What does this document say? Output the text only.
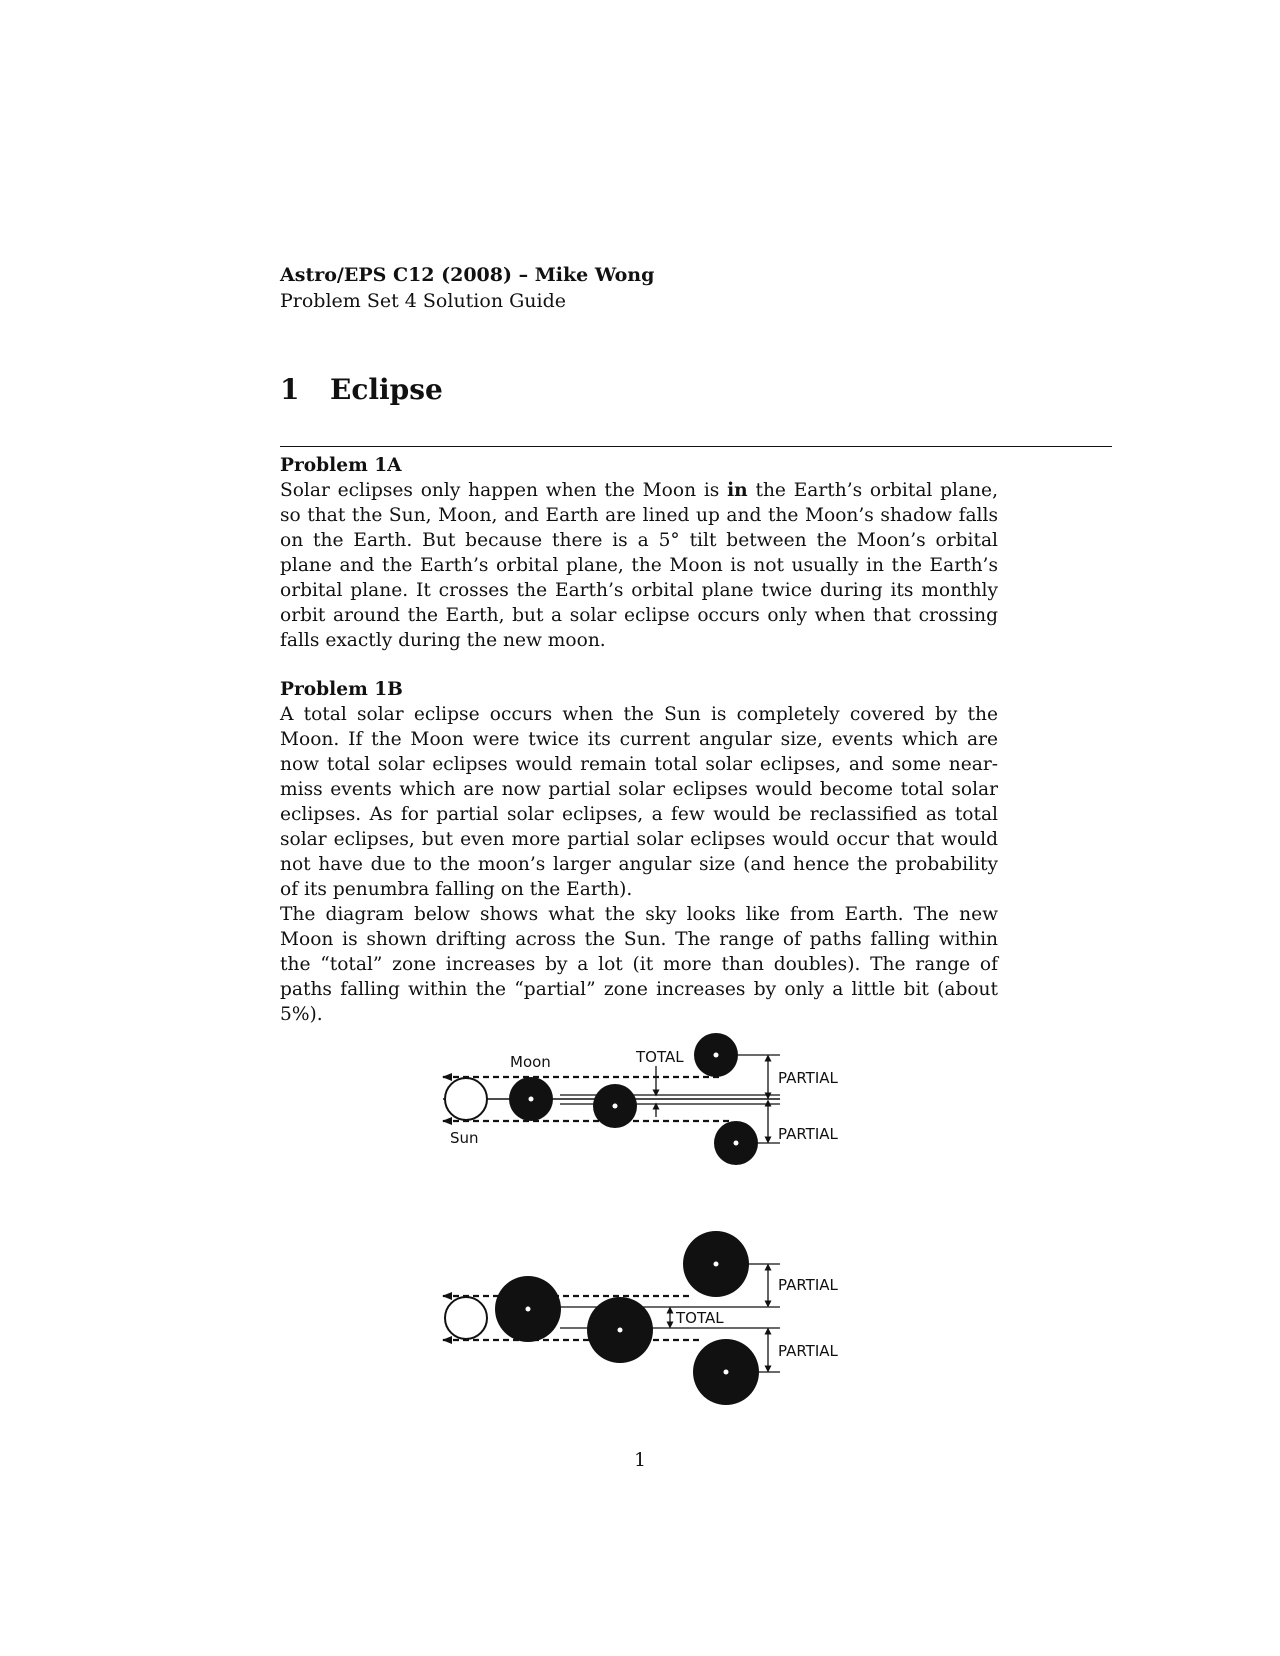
Astro/EPS C12 (2008) – Mike Wong

Problem Set 4 Solution Guide

1 Eclipse

Problem 1A
Solar eclipses only happen when the Moon is in the Earth’s orbital plane, so that the Sun, Moon, and Earth are lined up and the Moon’s shadow falls on the Earth. But because there is a 5° tilt between the Moon’s orbital plane and the Earth’s orbital plane, the Moon is not usually in the Earth’s orbital plane. It crosses the Earth’s orbital plane twice during its monthly orbit around the Earth, but a solar eclipse occurs only when that crossing falls exactly during the new moon.

Problem 1B
A total solar eclipse occurs when the Sun is completely covered by the Moon. If the Moon were twice its current angular size, events which are now total solar eclipses would remain total solar eclipses, and some near-miss events which are now partial solar eclipses would become total solar eclipses. As for partial solar eclipses, a few would be reclassified as total solar eclipses, but even more partial solar eclipses would occur that would not have due to the moon’s larger angular size (and hence the probability of its penumbra falling on the Earth).

The diagram below shows what the sky looks like from Earth. The new Moon is shown drifting across the Sun. The range of paths falling within the “total” zone increases by a lot (it more than doubles). The range of paths falling within the “partial” zone increases by only a little bit (about 5%).

Moon	TOTAL
PARTIAL
PARTIAL
Sun
TOTAL
PARTIAL
PARTIAL
1
